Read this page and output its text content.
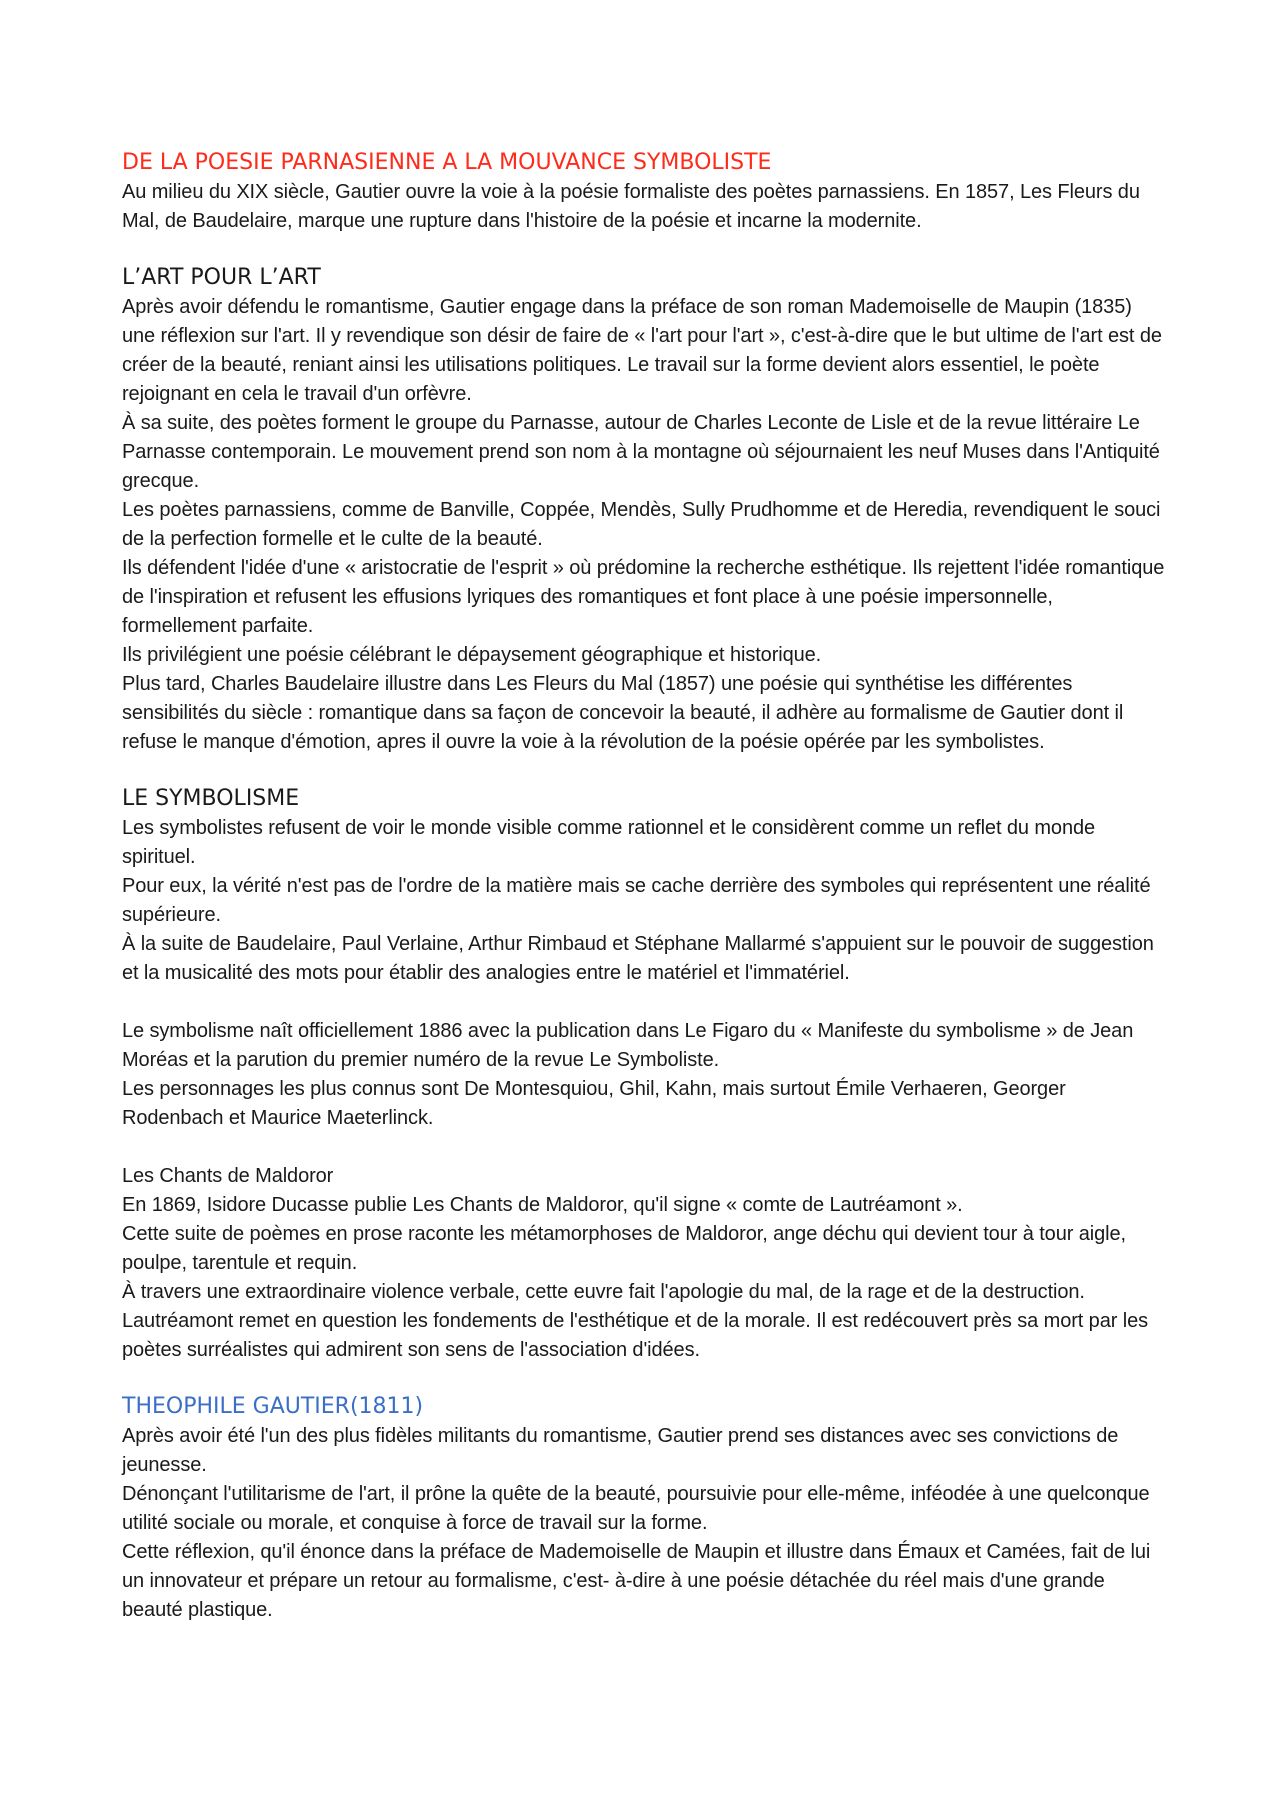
DE LA POESIE PARNASIENNE A LA MOUVANCE SYMBOLISTE

Au milieu du XIX siècle, Gautier ouvre la voie à la poésie formaliste des poètes parnassiens. En 1857, Les Fleurs du Mal, de Baudelaire, marque une rupture dans l'histoire de la poésie et incarne la modernite.

L’ART POUR L’ART

Après avoir défendu le romantisme, Gautier engage dans la préface de son roman Mademoiselle de Maupin (1835) une réflexion sur l'art. Il y revendique son désir de faire de « l'art pour l'art », c'est-à-dire que le but ultime de l'art est de créer de la beauté, reniant ainsi les utilisations politiques. Le travail sur la forme devient alors essentiel, le poète rejoignant en cela le travail d'un orfèvre.

À sa suite, des poètes forment le groupe du Parnasse, autour de Charles Leconte de Lisle et de la revue littéraire Le Parnasse contemporain. Le mouvement prend son nom à la montagne où séjournaient les neuf Muses dans l'Antiquité grecque.

Les poètes parnassiens, comme de Banville, Coppée, Mendès, Sully Prudhomme et de Heredia, revendiquent le souci de la perfection formelle et le culte de la beauté.

Ils défendent l'idée d'une « aristocratie de l'esprit » où prédomine la recherche esthétique. Ils rejettent l'idée romantique de l'inspiration et refusent les effusions lyriques des romantiques et font place à une poésie impersonnelle, formellement parfaite.

Ils privilégient une poésie célébrant le dépaysement géographique et historique.

Plus tard, Charles Baudelaire illustre dans Les Fleurs du Mal (1857) une poésie qui synthétise les différentes sensibilités du siècle : romantique dans sa façon de concevoir la beauté, il adhère au formalisme de Gautier dont il refuse le manque d'émotion, apres il ouvre la voie à la révolution de la poésie opérée par les symbolistes.

LE SYMBOLISME

Les symbolistes refusent de voir le monde visible comme rationnel et le considèrent comme un reflet du monde spirituel.

Pour eux, la vérité n'est pas de l'ordre de la matière mais se cache derrière des symboles qui représentent une réalité supérieure.

À la suite de Baudelaire, Paul Verlaine, Arthur Rimbaud et Stéphane Mallarmé s'appuient sur le pouvoir de suggestion et la musicalité des mots pour établir des analogies entre le matériel et l'immatériel.

Le symbolisme naît officiellement 1886 avec la publication dans Le Figaro du « Manifeste du symbolisme » de Jean Moréas et la parution du premier numéro de la revue Le Symboliste.

Les personnages les plus connus sont De Montesquiou, Ghil, Kahn, mais surtout Émile Verhaeren, Georger Rodenbach et Maurice Maeterlinck.

Les Chants de Maldoror

En 1869, Isidore Ducasse publie Les Chants de Maldoror, qu'il signe « comte de Lautréamont ».

Cette suite de poèmes en prose raconte les métamorphoses de Maldoror, ange déchu qui devient tour à tour aigle, poulpe, tarentule et requin.

À travers une extraordinaire violence verbale, cette euvre fait l'apologie du mal, de la rage et de la destruction.

Lautréamont remet en question les fondements de l'esthétique et de la morale. Il est redécouvert près sa mort par les poètes surréalistes qui admirent son sens de l'association d'idées.

THEOPHILE GAUTIER(1811)

Après avoir été l'un des plus fidèles militants du romantisme, Gautier prend ses distances avec ses convictions de jeunesse.

Dénonçant l'utilitarisme de l'art, il prône la quête de la beauté, poursuivie pour elle-même, inféodée à une quelconque utilité sociale ou morale, et conquise à force de travail sur la forme.

Cette réflexion, qu'il énonce dans la préface de Mademoiselle de Maupin et illustre dans Émaux et Camées, fait de lui un innovateur et prépare un retour au formalisme, c'est- à-dire à une poésie détachée du réel mais d'une grande beauté plastique.
